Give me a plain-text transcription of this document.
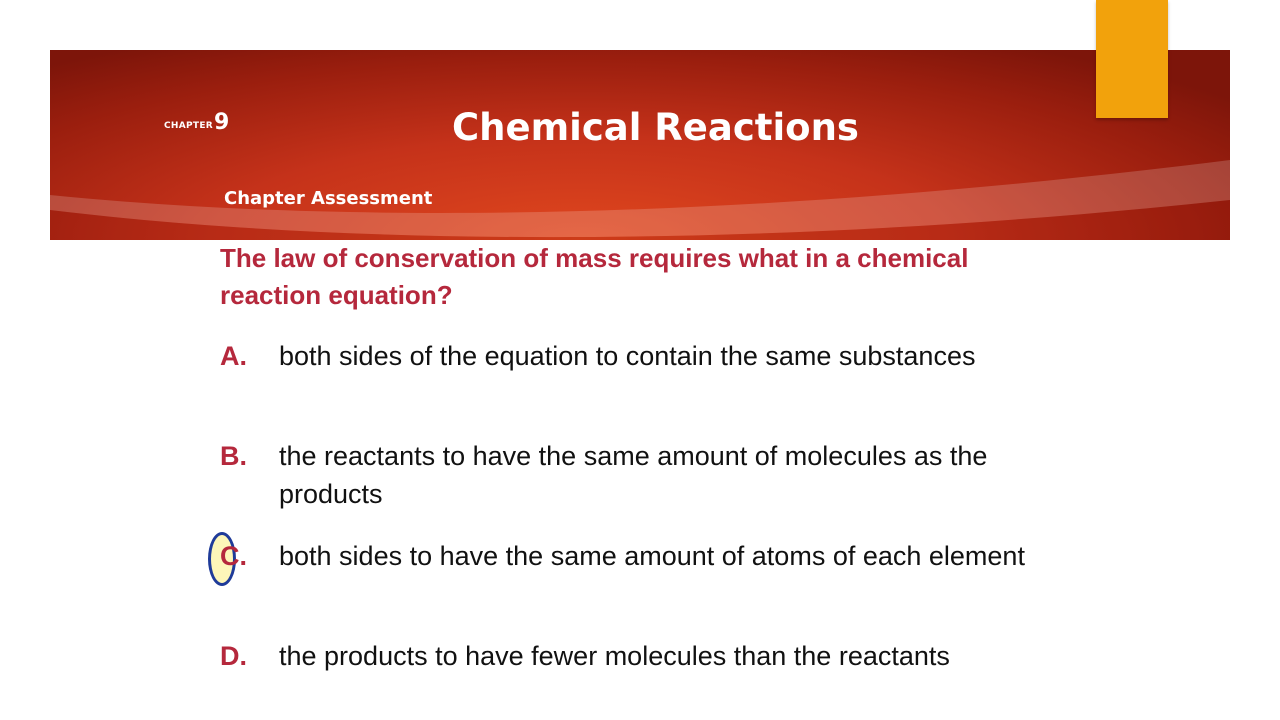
CHAPTER9	Chemical Reactions
Chapter Assessment
The law of conservation of mass requires what in a chemical reaction equation?
A.	both sides of the equation to contain the same substances
B.	the reactants to have the same amount of molecules as the products
C.	both sides to have the same amount of atoms of each element
D.	the products to have fewer molecules than the reactants
